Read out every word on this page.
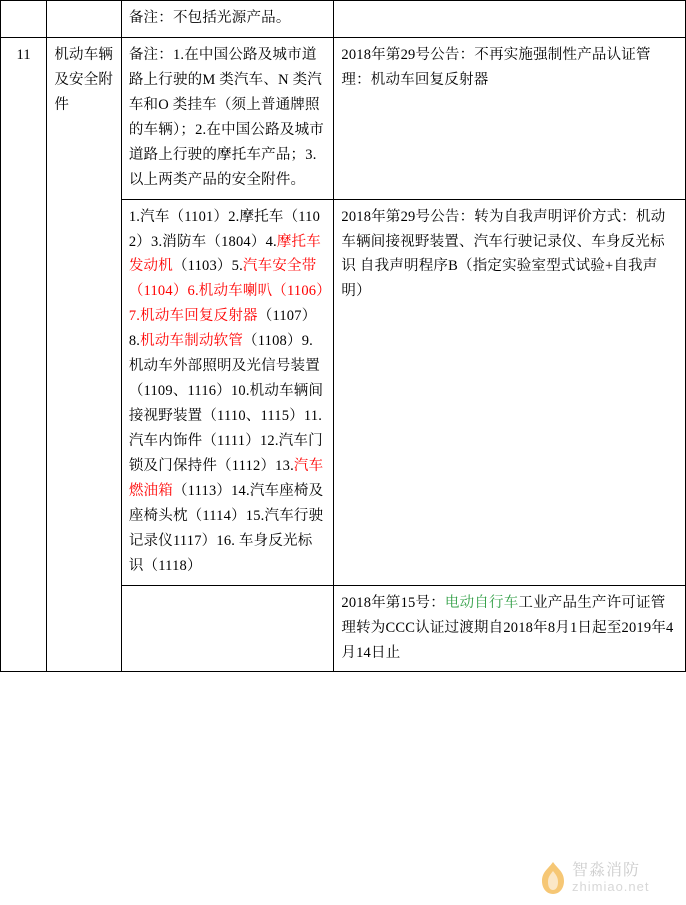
		备注：不包括光源产品。	
11	机动车辆及安全附件	备注：1.在中国公路及城市道路上行驶的M 类汽车、N 类汽车和O 类挂车（须上普通牌照的车辆）；2.在中国公路及城市道路上行驶的摩托车产品；3.以上两类产品的安全附件。	2018年第29号公告：不再实施强制性产品认证管理：机动车回复反射器
		1.汽车（1101）2.摩托车（1102）3.消防车（1804）4.摩托车发动机（1103）5.汽车安全带（1104）6.机动车喇叭（1106）7.机动车回复反射器（1107）8.机动车制动软管（1108）9.机动车外部照明及光信号装置（1109、1116）10.机动车辆间接视野装置（1110、1115）11. 汽车内饰件（1111）12.汽车门锁及门保持件（1112）13.汽车燃油箱（1113）14.汽车座椅及座椅头枕（1114）15.汽车行驶记录仪1117）16. 车身反光标识（1118）	2018年第29号公告：转为自我声明评价方式：机动车辆间接视野装置、汽车行驶记录仪、车身反光标识 自我声明程序B（指定实验室型式试验+自我声明）
			2018年第15号：电动自行车工业产品生产许可证管理转为CCC认证过渡期自2018年8月1日起至2019年4月14日止
智淼消防
zhimiao.net
